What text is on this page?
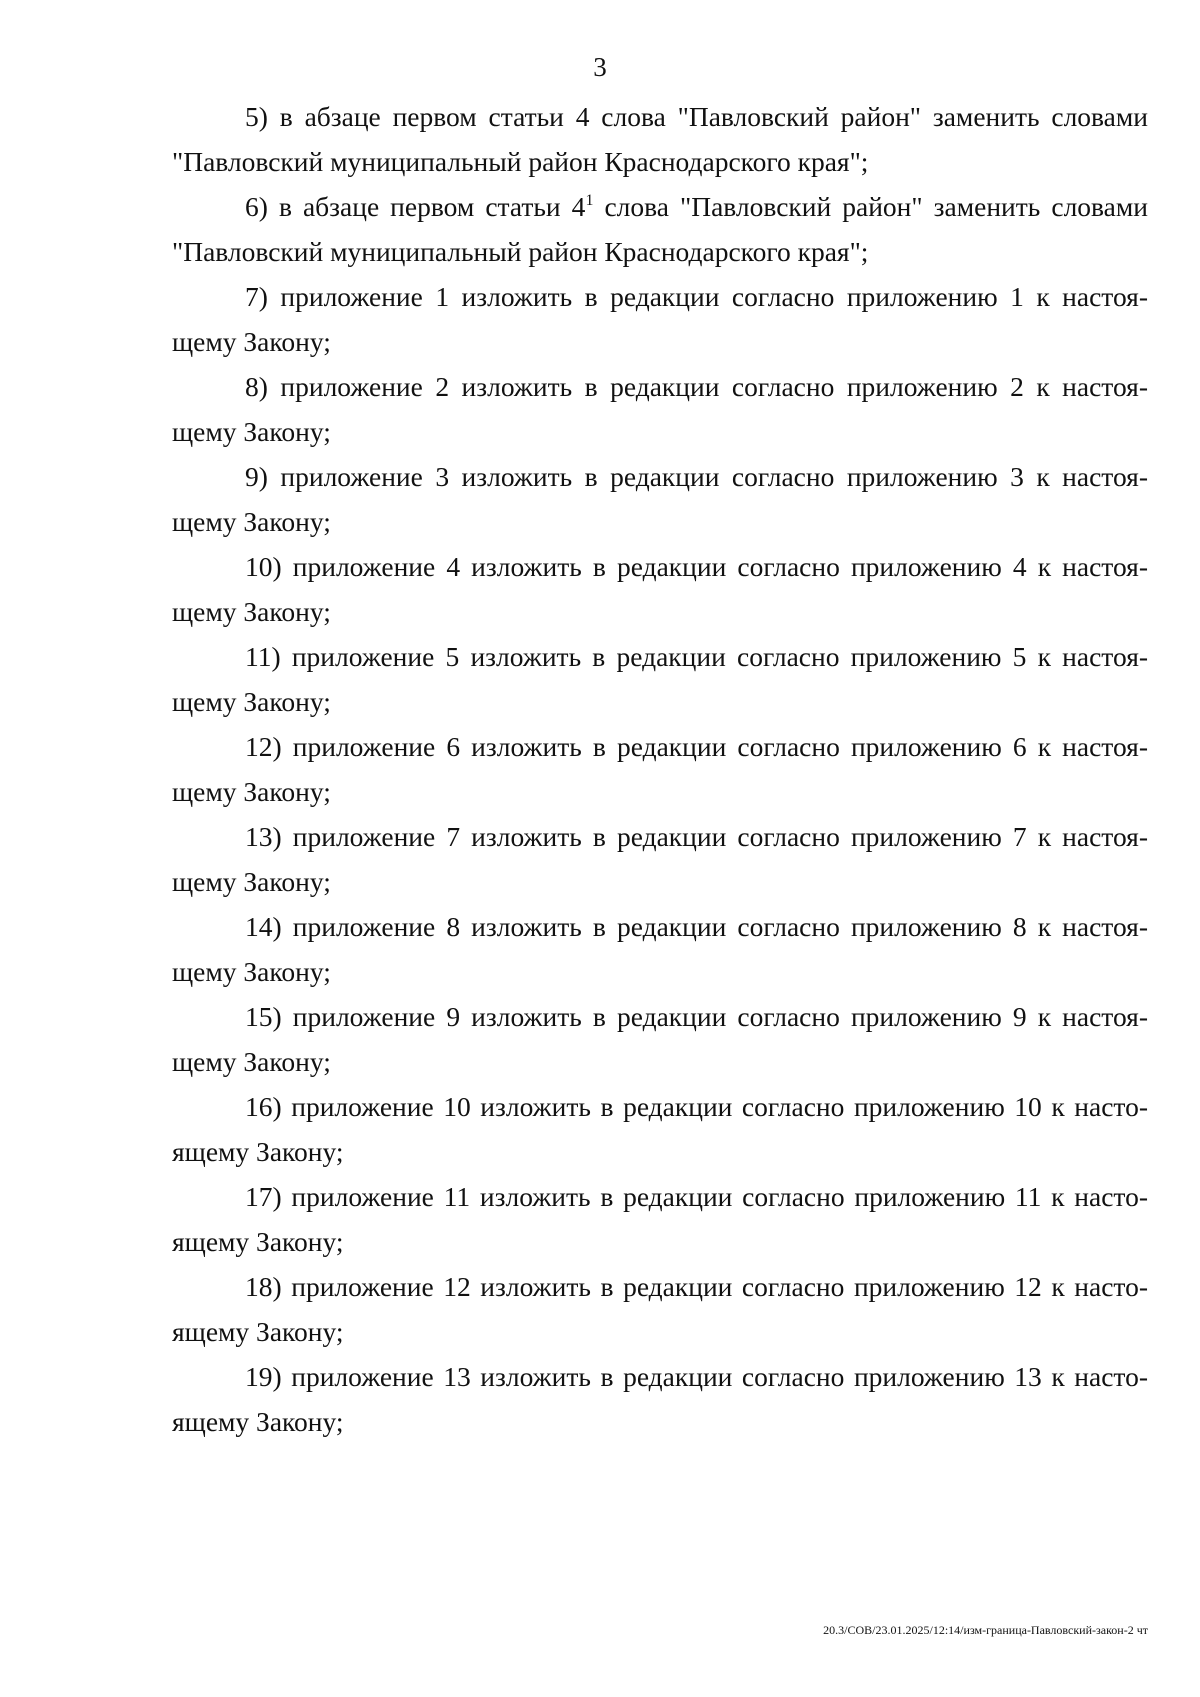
3
5) в абзаце первом статьи 4 слова "Павловский район" заменить словами
"Павловский муниципальный район Краснодарского края";
6) в абзаце первом статьи $4^1$ слова "Павловский район" заменить словами
"Павловский муниципальный район Краснодарского края";
7) приложение 1 изложить в редакции согласно приложению 1 к настоя-
щему Закону;
8) приложение 2 изложить в редакции согласно приложению 2 к настоя-
щему Закону;
9) приложение 3 изложить в редакции согласно приложению 3 к настоя-
щему Закону;
10) приложение 4 изложить в редакции согласно приложению 4 к настоя-
щему Закону;
11) приложение 5 изложить в редакции согласно приложению 5 к настоя-
щему Закону;
12) приложение 6 изложить в редакции согласно приложению 6 к настоя-
щему Закону;
13) приложение 7 изложить в редакции согласно приложению 7 к настоя-
щему Закону;
14) приложение 8 изложить в редакции согласно приложению 8 к настоя-
щему Закону;
15) приложение 9 изложить в редакции согласно приложению 9 к настоя-
щему Закону;
16) приложение 10 изложить в редакции согласно приложению 10 к насто-
ящему Закону;
17) приложение 11 изложить в редакции согласно приложению 11 к насто-
ящему Закону;
18) приложение 12 изложить в редакции согласно приложению 12 к насто-
ящему Закону;
19) приложение 13 изложить в редакции согласно приложению 13 к насто-
ящему Закону;
20.3/СОВ/23.01.2025/12:14/изм-граница-Павловский-закон-2 чт
